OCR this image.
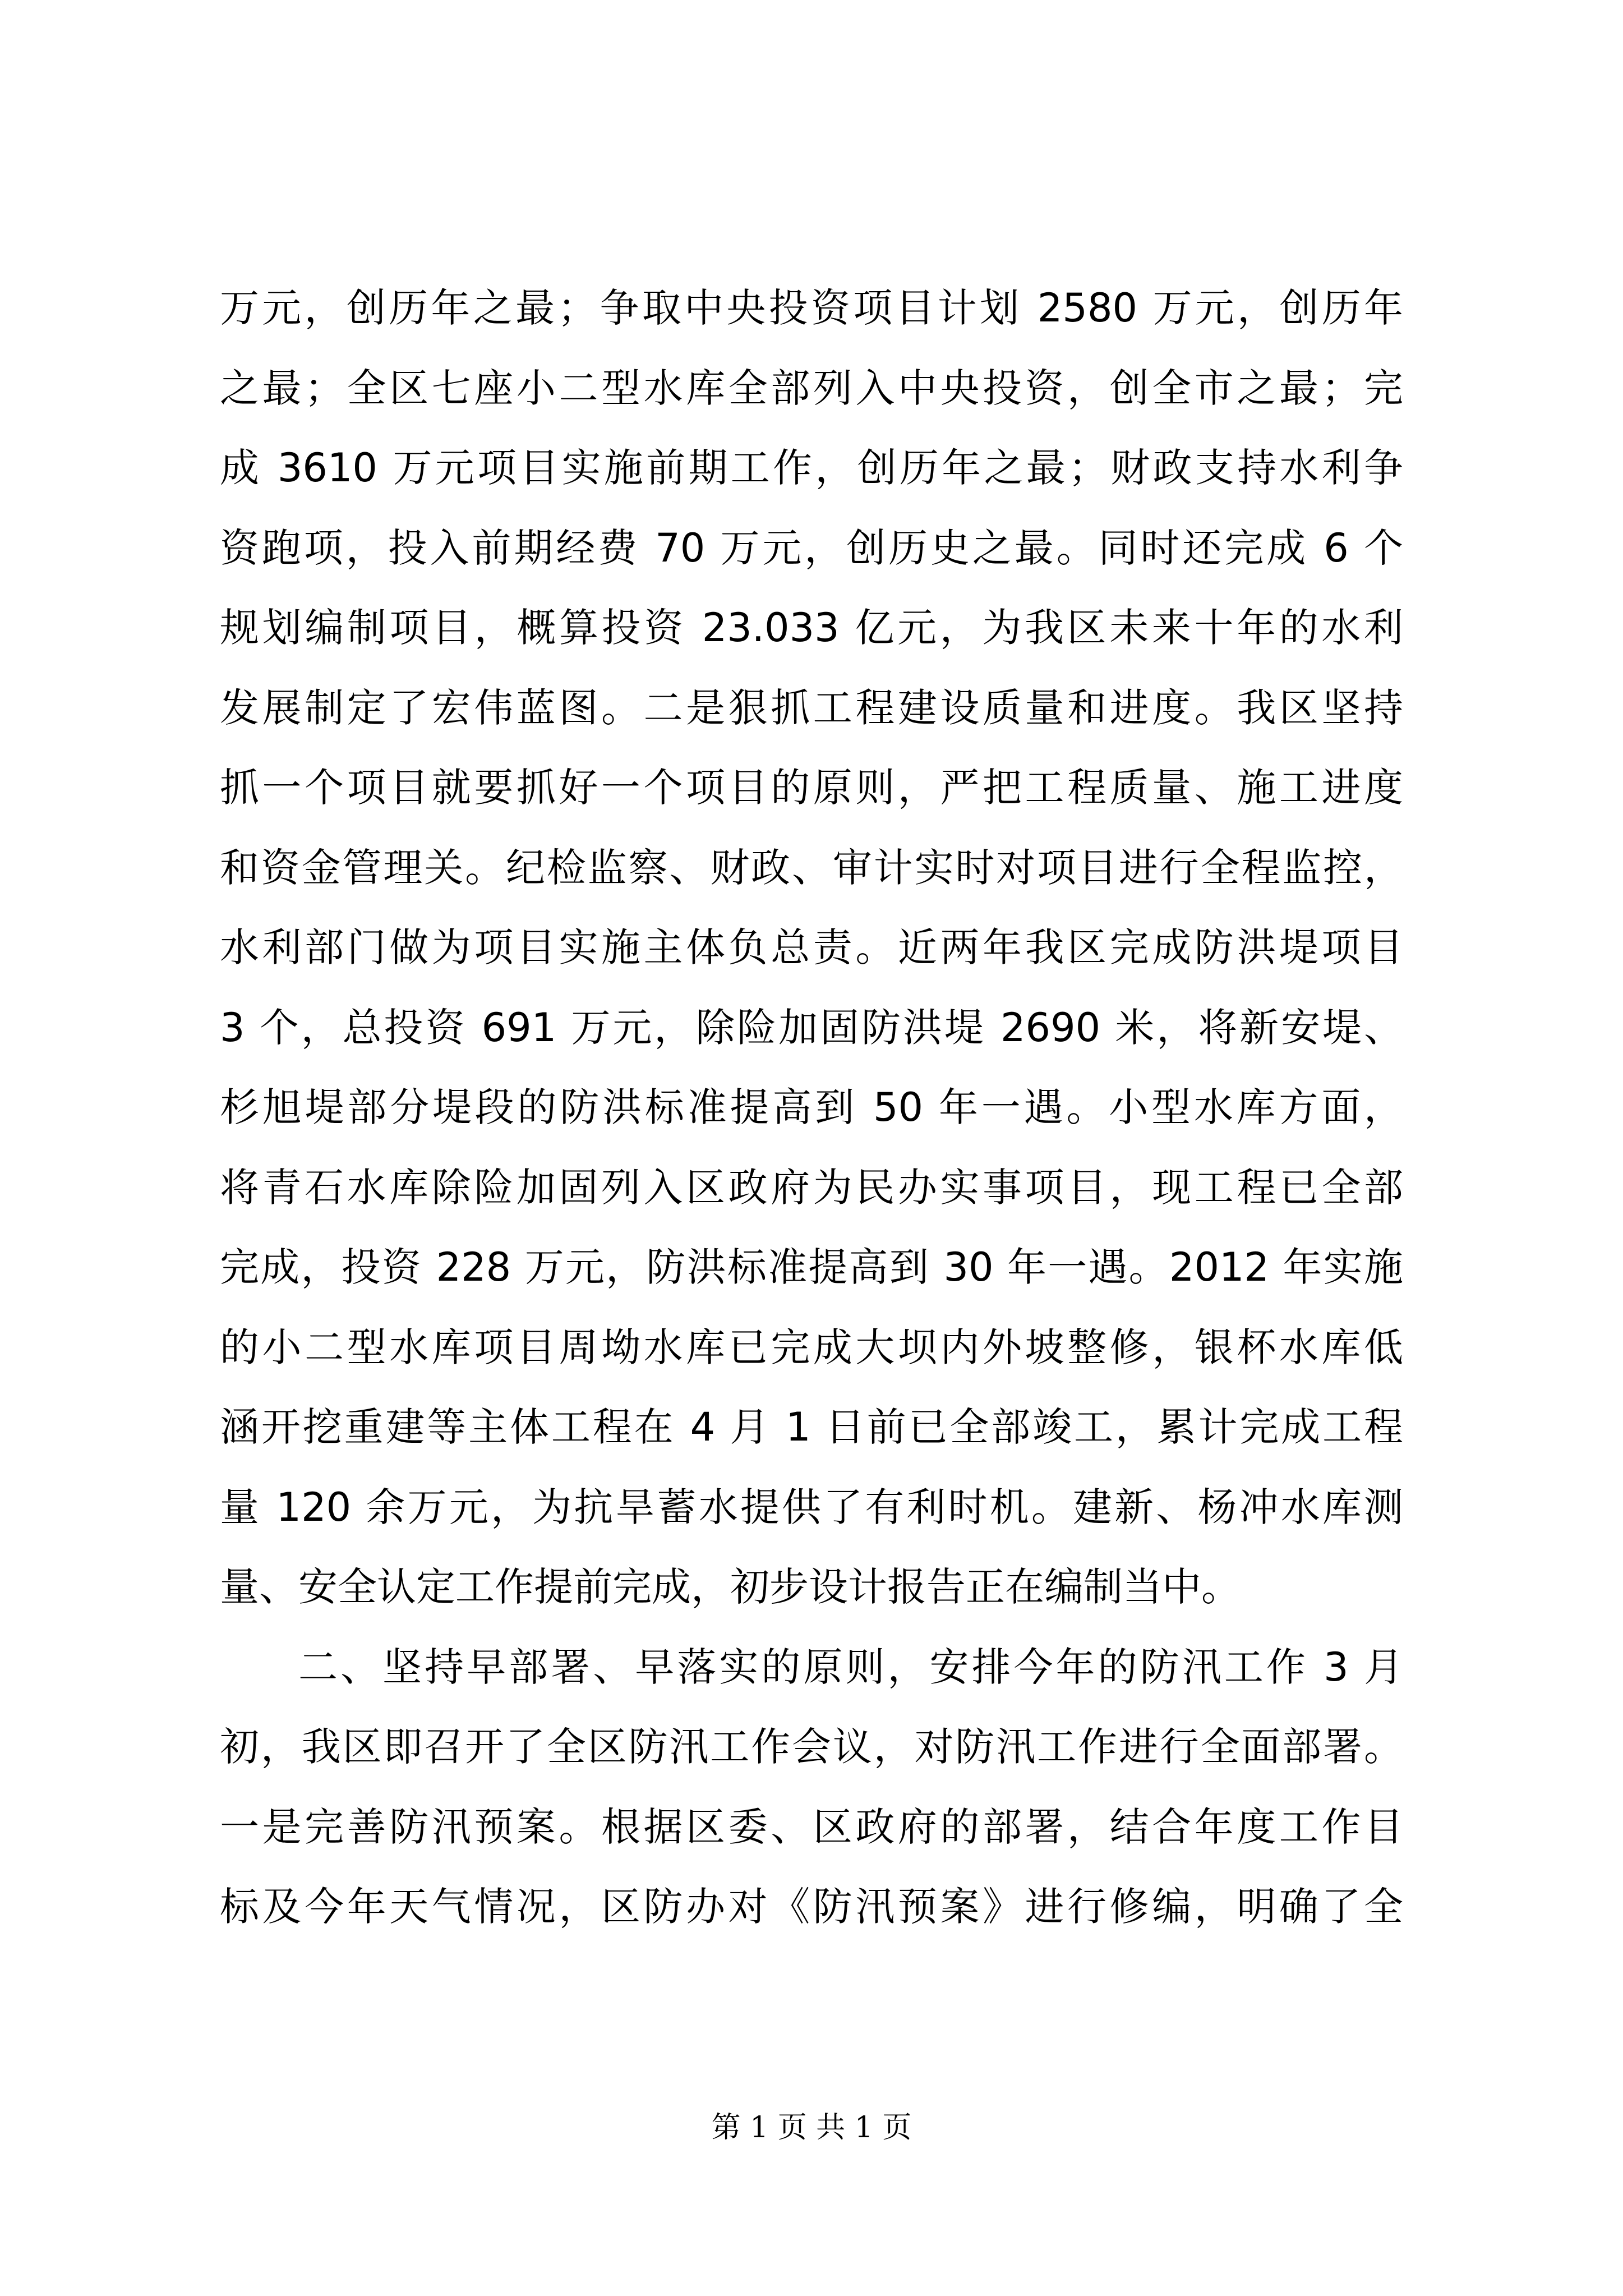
万元，创历年之最；争取中央投资项目计划 2580 万元，创历年
之最；全区七座小二型水库全部列入中央投资，创全市之最；完
成 3610 万元项目实施前期工作，创历年之最；财政支持水利争
资跑项，投入前期经费 70 万元，创历史之最。同时还完成 6 个
规划编制项目，概算投资 23.033 亿元，为我区未来十年的水利
发展制定了宏伟蓝图。二是狠抓工程建设质量和进度。我区坚持
抓一个项目就要抓好一个项目的原则，严把工程质量、施工进度
和资金管理关。纪检监察、财政、审计实时对项目进行全程监控，
水利部门做为项目实施主体负总责。近两年我区完成防洪堤项目
3 个，总投资 691 万元，除险加固防洪堤 2690 米，将新安堤、
杉旭堤部分堤段的防洪标准提高到 50 年一遇。小型水库方面，
将青石水库除险加固列入区政府为民办实事项目，现工程已全部
完成，投资 228 万元，防洪标准提高到 30 年一遇。2012 年实施
的小二型水库项目周坳水库已完成大坝内外坡整修，银杯水库低
涵开挖重建等主体工程在 4 月 1 日前已全部竣工，累计完成工程
量 120 余万元，为抗旱蓄水提供了有利时机。建新、杨冲水库测
量、安全认定工作提前完成，初步设计报告正在编制当中。
二、坚持早部署、早落实的原则，安排今年的防汛工作 3 月
初，我区即召开了全区防汛工作会议，对防汛工作进行全面部署。
一是完善防汛预案。根据区委、区政府的部署，结合年度工作目
标及今年天气情况，区防办对《防汛预案》进行修编，明确了全
第 1 页 共 1 页
